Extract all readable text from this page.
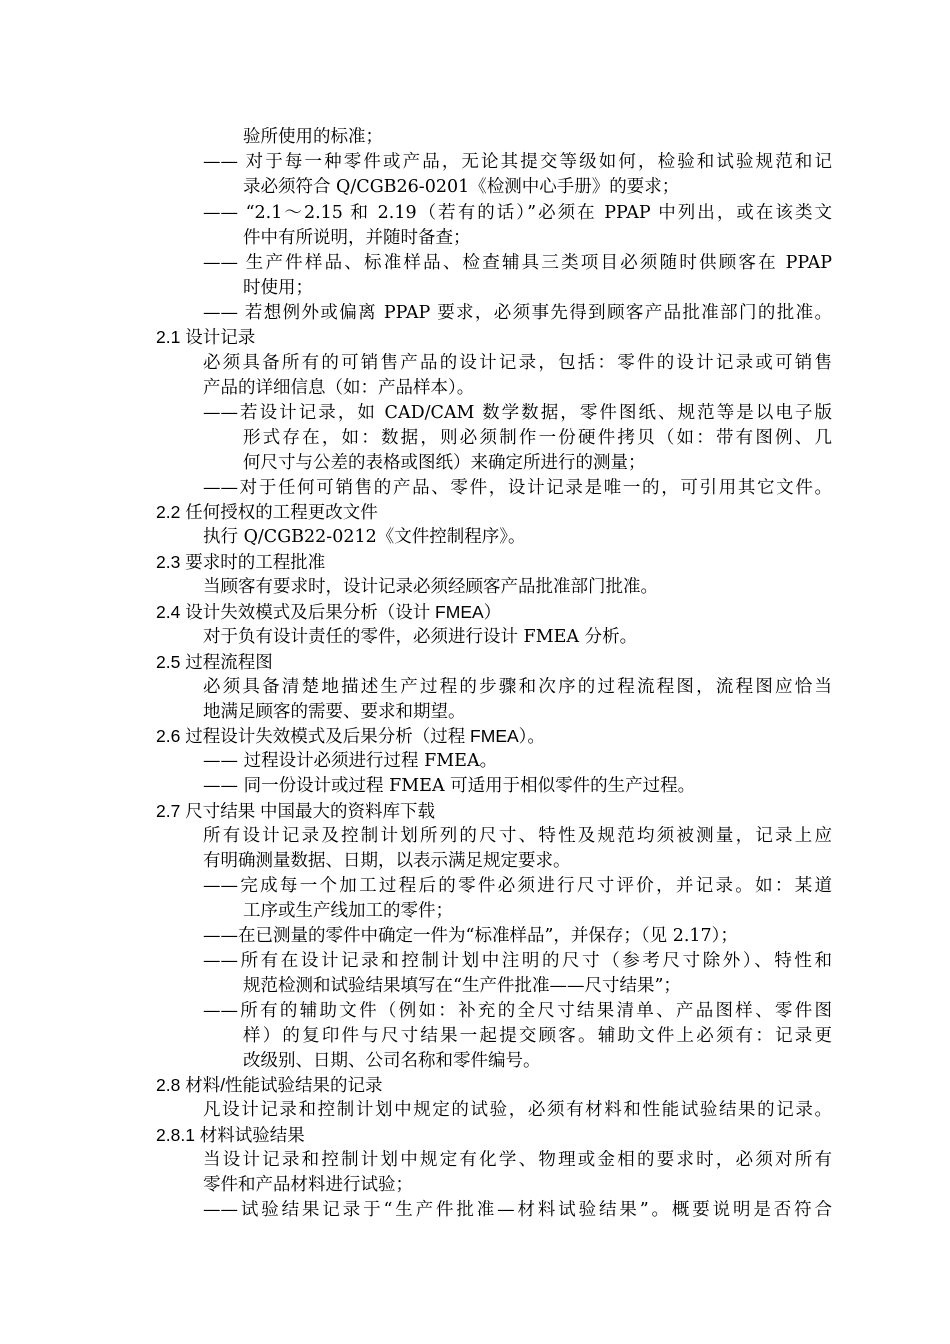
验所使用的标准；
—— 对于每一种零件或产品，无论其提交等级如何，检验和试验规范和记
录必须符合 Q/CGB26-0201《检测中心手册》的要求；
—— “2.1～2.15 和 2.19（若有的话）”必须在 PPAP 中列出，或在该类文
件中有所说明，并随时备查；
—— 生产件样品、标准样品、检查辅具三类项目必须随时供顾客在 PPAP
时使用；
—— 若想例外或偏离 PPAP 要求，必须事先得到顾客产品批准部门的批准。
2.1 设计记录
必须具备所有的可销售产品的设计记录，包括：零件的设计记录或可销售
产品的详细信息（如：产品样本）。
——若设计记录，如 CAD/CAM 数学数据，零件图纸、规范等是以电子版
形式存在，如：数据，则必须制作一份硬件拷贝（如：带有图例、几
何尺寸与公差的表格或图纸）来确定所进行的测量；
——对于任何可销售的产品、零件，设计记录是唯一的，可引用其它文件。
2.2 任何授权的工程更改文件
执行 Q/CGB22-0212《文件控制程序》。
2.3 要求时的工程批准
当顾客有要求时，设计记录必须经顾客产品批准部门批准。
2.4 设计失效模式及后果分析（设计 FMEA）
对于负有设计责任的零件，必须进行设计 FMEA 分析。
2.5 过程流程图
必须具备清楚地描述生产过程的步骤和次序的过程流程图，流程图应恰当
地满足顾客的需要、要求和期望。
2.6 过程设计失效模式及后果分析（过程 FMEA）。
—— 过程设计必须进行过程 FMEA。
—— 同一份设计或过程 FMEA 可适用于相似零件的生产过程。
2.7 尺寸结果 中国最大的资料库下载
所有设计记录及控制计划所列的尺寸、特性及规范均须被测量，记录上应
有明确测量数据、日期，以表示满足规定要求。
——完成每一个加工过程后的零件必须进行尺寸评价，并记录。如：某道
工序或生产线加工的零件；
——在已测量的零件中确定一件为“标准样品”，并保存；（见 2.17）；
——所有在设计记录和控制计划中注明的尺寸（参考尺寸除外）、特性和
规范检测和试验结果填写在“生产件批准——尺寸结果”；
——所有的辅助文件（例如：补充的全尺寸结果清单、产品图样、零件图
样）的复印件与尺寸结果一起提交顾客。辅助文件上必须有：记录更
改级别、日期、公司名称和零件编号。
2.8 材料/性能试验结果的记录
凡设计记录和控制计划中规定的试验，必须有材料和性能试验结果的记录。
2.8.1 材料试验结果
当设计记录和控制计划中规定有化学、物理或金相的要求时，必须对所有
零件和产品材料进行试验；
——试验结果记录于“生产件批准—材料试验结果”。概要说明是否符合
